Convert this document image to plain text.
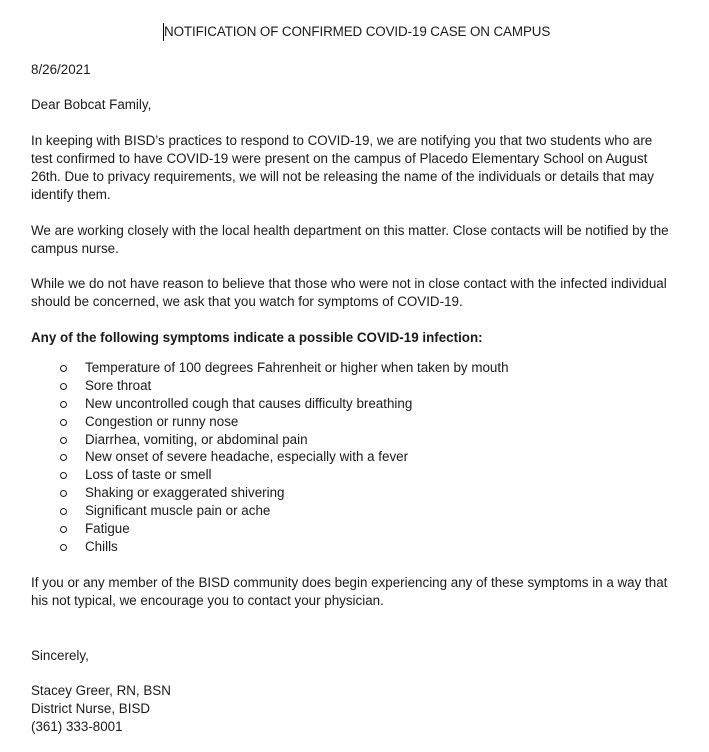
NOTIFICATION OF CONFIRMED COVID-19 CASE ON CAMPUS
8/26/2021
Dear Bobcat Family,
In keeping with BISD’s practices to respond to COVID-19, we are notifying you that two students who are test confirmed to have COVID-19 were present on the campus of Placedo Elementary School on August 26th. Due to privacy requirements, we will not be releasing the name of the individuals or details that may identify them.
We are working closely with the local health department on this matter. Close contacts will be notified by the campus nurse.
While we do not have reason to believe that those who were not in close contact with the infected individual should be concerned, we ask that you watch for symptoms of COVID-19.
Any of the following symptoms indicate a possible COVID-19 infection:
Temperature of 100 degrees Fahrenheit or higher when taken by mouth
Sore throat
New uncontrolled cough that causes difficulty breathing
Congestion or runny nose
Diarrhea, vomiting, or abdominal pain
New onset of severe headache, especially with a fever
Loss of taste or smell
Shaking or exaggerated shivering
Significant muscle pain or ache
Fatigue
Chills
If you or any member of the BISD community does begin experiencing any of these symptoms in a way that his not typical, we encourage you to contact your physician.
Sincerely,
Stacey Greer, RN, BSN
District Nurse, BISD
(361) 333-8001
